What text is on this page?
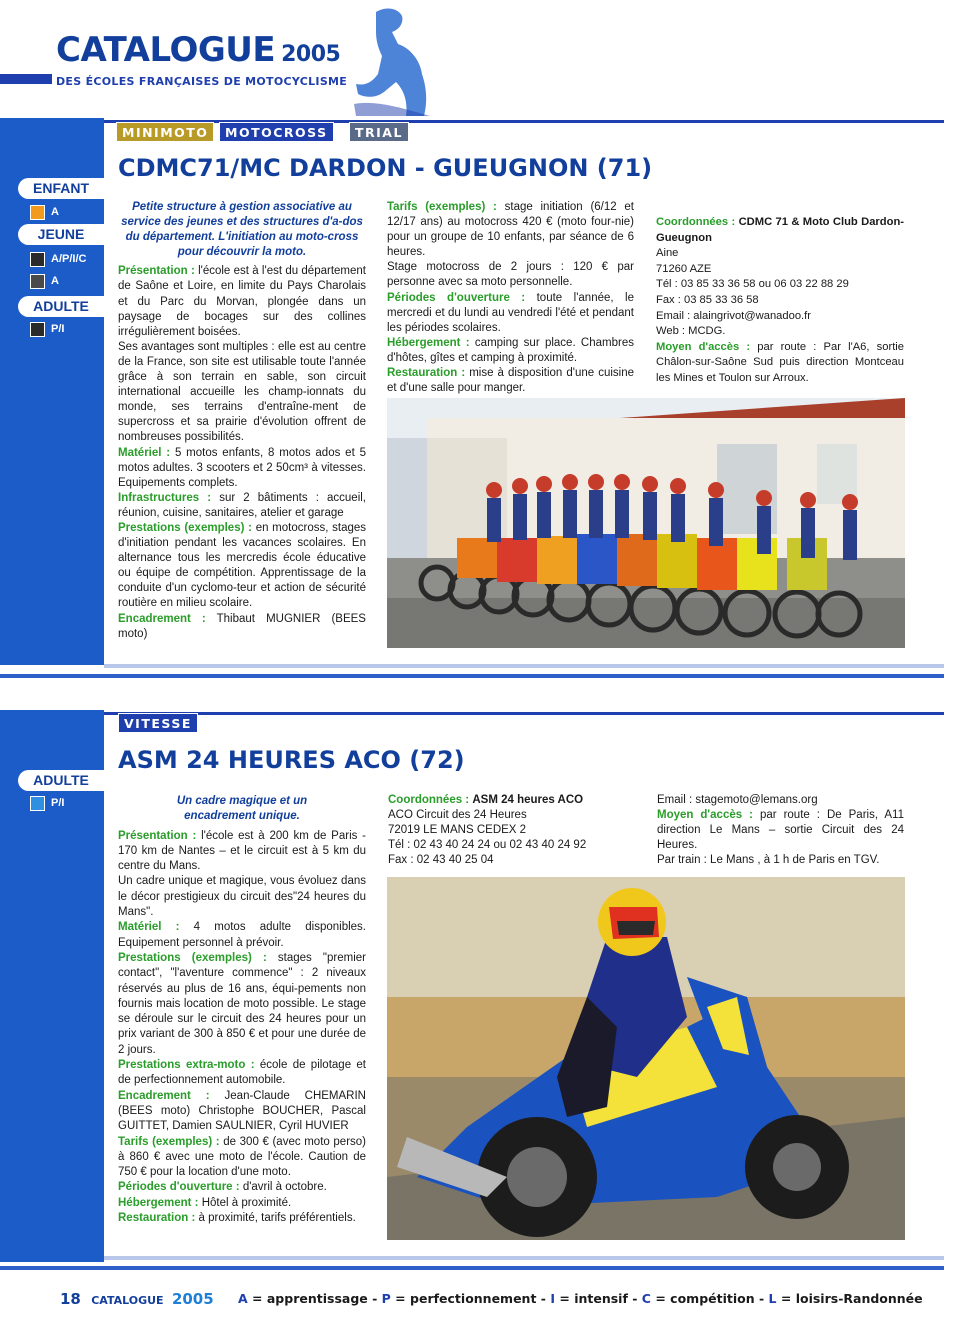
CATALOGUE 2005
DES ÉCOLES FRANÇAISES DE MOTOCYCLISME
ENFANT
A
JEUNE
A/P/I/C
A
ADULTE
P/I
MINIMOTO	MOTOCROSS	TRIAL
CDMC71/MC DARDON - GUEUGNON (71)

Petite structure à gestion associative au service des jeunes et des structures d'a-dos du département. L'initiation au moto-cross pour découvrir la moto.

Présentation : l'école est à l'est du département de Saône et Loire, en limite du Pays Charolais et du Parc du Morvan, plongée dans un paysage de bocages sur des collines irrégulièrement boisées.

Ses avantages sont multiples : elle est au centre de la France, son site est utilisable toute l'année grâce à son terrain en sable, son circuit international accueille les champ-ionnats du monde, ses terrains d'entraîne-ment de supercross et sa prairie d'évolution offrent de nombreuses possibilités.

Matériel : 5 motos enfants, 8 motos ados et 5 motos adultes. 3 scooters et 2 50cm³ à vitesses. Equipements complets.

Infrastructures : sur 2 bâtiments : accueil, réunion, cuisine, sanitaires, atelier et garage

Prestations (exemples) : en motocross, stages d'initiation pendant les vacances scolaires. En alternance tous les mercredis école éducative ou équipe de compétition. Apprentissage de la conduite d'un cyclomo-teur et action de sécurité routière en milieu scolaire.

Encadrement : Thibaut MUGNIER (BEES moto)

Tarifs (exemples) : stage initiation (6/12 et 12/17 ans) au motocross 420 € (moto four-nie) pour un groupe de 10 enfants, par séance de 6 heures.

Stage motocross de 2 jours : 120 € par personne avec sa moto personnelle.

Périodes d'ouverture : toute l'année, le mercredi et du lundi au vendredi l'été et pendant les périodes scolaires.

Hébergement : camping sur place. Chambres d'hôtes, gîtes et camping à proximité.

Restauration : mise à disposition d'une cuisine et d'une salle pour manger.

Coordonnées : CDMC 71 & Moto Club Dardon-Gueugnon

Aine

71260 AZE

Tél : 03 85 33 36 58 ou 06 03 22 88 29

Fax : 03 85 33 36 58

Email : alaingrivot@wanadoo.fr

Web : MCDG.

Moyen d'accès : par route : Par l'A6, sortie Châlon-sur-Saône Sud puis direction Montceau les Mines et Toulon sur Arroux.

ADULTE
P/I
VITESSE
ASM 24 HEURES ACO (72)

Un cadre magique et un encadrement unique.

Présentation : l'école est à 200 km de Paris - 170 km de Nantes – et le circuit est à 5 km du centre du Mans.

Un cadre unique et magique, vous évoluez dans le décor prestigieux du circuit des"24 heures du Mans".

Matériel : 4 motos adulte disponibles. Equipement personnel à prévoir.

Prestations (exemples) : stages "premier contact", "l'aventure commence" : 2 niveaux réservés au plus de 16 ans, équi-pements non fournis mais location de moto possible. Le stage se déroule sur le circuit des 24 heures pour un prix variant de 300 à 850 € et pour une durée de 2 jours.

Prestations extra-moto : école de pilotage et de perfectionnement automobile.

Encadrement : Jean-Claude CHEMARIN (BEES moto) Christophe BOUCHER, Pascal GUITTET, Damien SAULNIER, Cyril HUVIER

Tarifs (exemples) : de 300 € (avec moto perso) à 860 € avec une moto de l'école. Caution de 750 € pour la location d'une moto.

Périodes d'ouverture : d'avril à octobre.

Hébergement : Hôtel à proximité.

Restauration : à proximité, tarifs préférentiels.

Coordonnées : ASM 24 heures ACO

ACO Circuit des 24 Heures

72019 LE MANS CEDEX 2

Tél : 02 43 40 24 24 ou 02 43 40 24 92

Fax : 02 43 40 25 04

Email : stagemoto@lemans.org

Moyen d'accès : par route : De Paris, A11 direction Le Mans – sortie Circuit des 24 Heures.

Par train : Le Mans , à 1 h de Paris en TGV.

18 CATALOGUE 2005 A = apprentissage - P = perfectionnement - I = intensif - C = compétition - L = loisirs-Randonnée
